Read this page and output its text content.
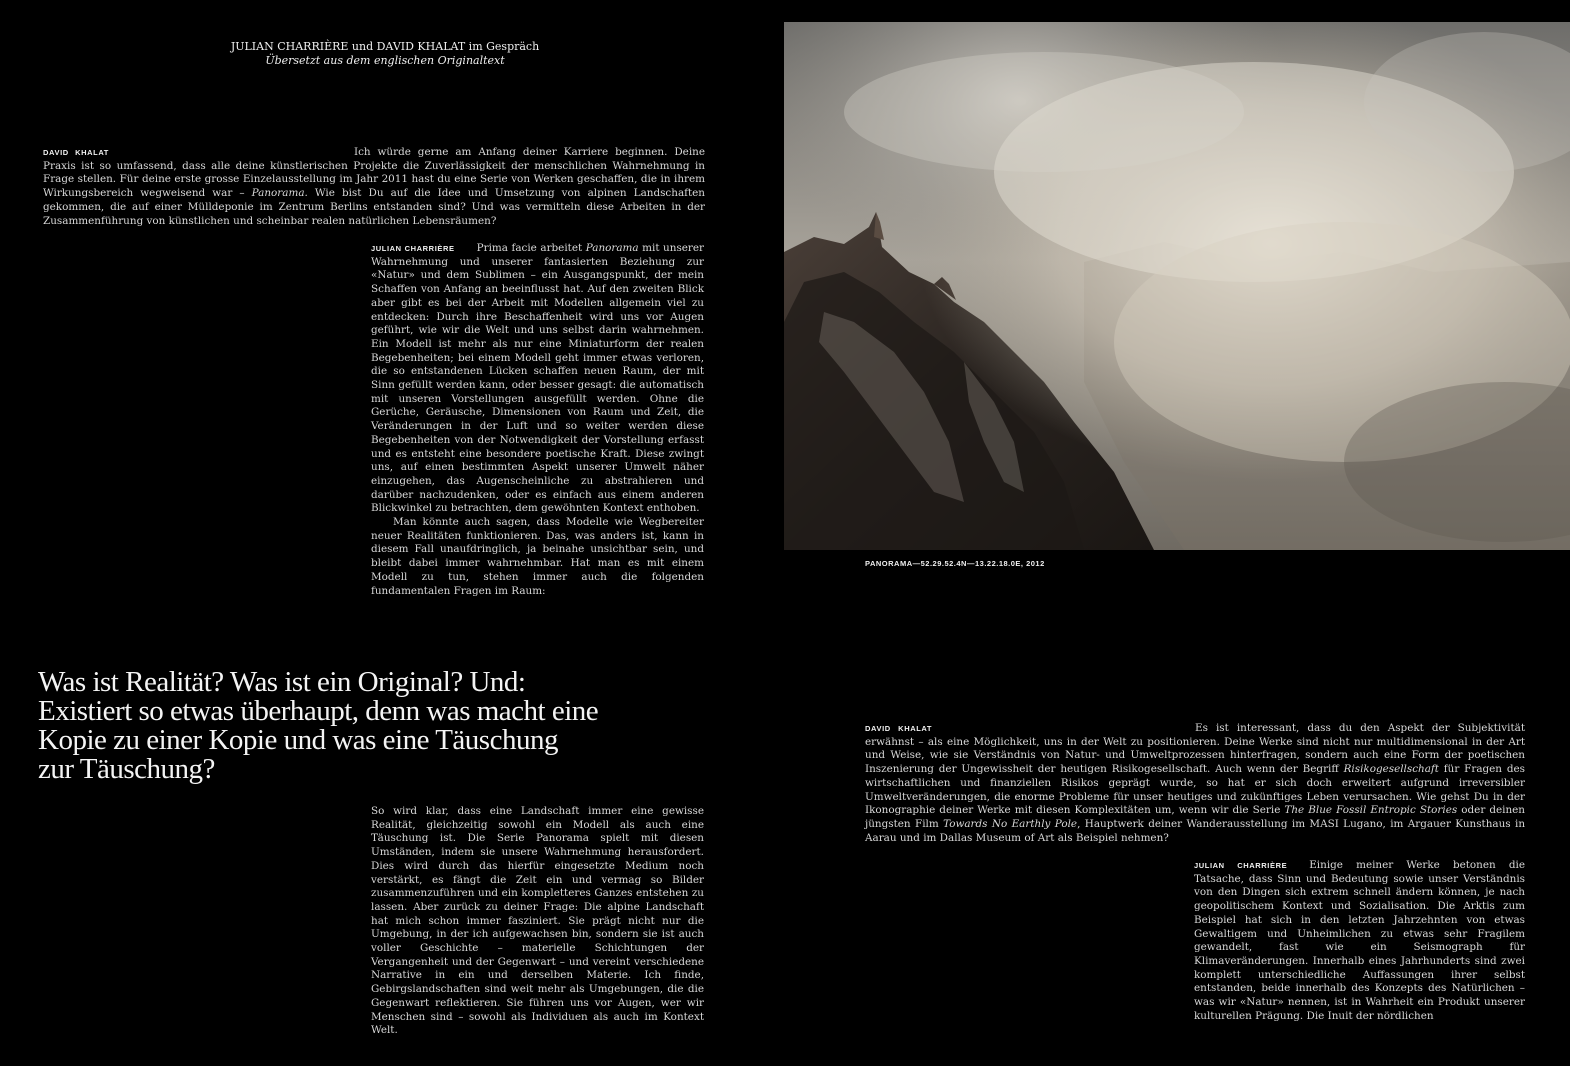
JULIAN CHARRIÈRE und DAVID KHALAT im Gespräch
Übersetzt aus dem englischen Originaltext

DAVID KHALAT	Ich würde gerne am Anfang deiner Karriere beginnen. Deine Praxis ist so umfassend, dass alle deine künstlerischen Projekte die Zuverlässigkeit der menschlichen Wahrnehmung in Frage stellen. Für deine erste grosse Einzelausstellung im Jahr 2011 hast du eine Serie von Werken geschaffen, die in ihrem Wirkungsbereich wegweisend war – Panorama. Wie bist Du auf die Idee und Umsetzung von alpinen Landschaften gekommen, die auf einer Mülldeponie im Zentrum Berlins entstanden sind? Und was vermitteln diese Arbeiten in der Zusammenführung von künstlichen und scheinbar realen natürlichen Lebensräumen?

JULIAN CHARRIÈRE Prima facie arbeitet Panorama mit unserer Wahrnehmung und unserer fantasierten Beziehung zur «Natur» und dem Sublimen – ein Ausgangspunkt, der mein Schaffen von Anfang an beeinflusst hat. Auf den zweiten Blick aber gibt es bei der Arbeit mit Modellen allgemein viel zu entdecken: Durch ihre Beschaffenheit wird uns vor Augen geführt, wie wir die Welt und uns selbst darin wahrnehmen. Ein Modell ist mehr als nur eine Miniaturform der realen Begebenheiten; bei einem Modell geht immer etwas verloren, die so entstandenen Lücken schaffen neuen Raum, der mit Sinn gefüllt werden kann, oder besser gesagt: die automatisch mit unseren Vorstellungen ausgefüllt werden. Ohne die Gerüche, Geräusche, Dimensionen von Raum und Zeit, die Veränderungen in der Luft und so weiter werden diese Begebenheiten von der Notwendigkeit der Vorstellung erfasst und es entsteht eine besondere poetische Kraft. Diese zwingt uns, auf einen bestimmten Aspekt unserer Umwelt näher einzugehen, das Augenscheinliche zu abstrahieren und darüber nachzudenken, oder es einfach aus einem anderen Blickwinkel zu betrachten, dem gewöhnten Kontext enthoben.

Man könnte auch sagen, dass Modelle wie Wegbereiter neuer Realitäten funktionieren. Das, was anders ist, kann in diesem Fall unaufdringlich, ja beinahe unsichtbar sein, und bleibt dabei immer wahrnehmbar. Hat man es mit einem Modell zu tun, stehen immer auch die folgenden fundamentalen Fragen im Raum:

Was ist Realität? Was ist ein Original? Und:
Existiert so etwas überhaupt, denn was macht eine
Kopie zu einer Kopie und was eine Täuschung
zur Täuschung?

So wird klar, dass eine Landschaft immer eine gewisse Realität, gleichzeitig sowohl ein Modell als auch eine Täuschung ist. Die Serie Panorama spielt mit diesen Umständen, indem sie unsere Wahrnehmung herausfordert. Dies wird durch das hierfür eingesetzte Medium noch verstärkt, es fängt die Zeit ein und vermag so Bilder zusammenzuführen und ein kompletteres Ganzes entstehen zu lassen. Aber zurück zu deiner Frage: Die alpine Landschaft hat mich schon immer fasziniert. Sie prägt nicht nur die Umgebung, in der ich aufgewachsen bin, sondern sie ist auch voller Geschichte – materielle Schichtungen der Vergangenheit und der Gegenwart – und vereint verschiedene Narrative in ein und derselben Materie. Ich finde, Gebirgslandschaften sind weit mehr als Umgebungen, die die Gegenwart reflektieren. Sie führen uns vor Augen, wer wir Menschen sind – sowohl als Individuen als auch im Kontext Welt.

PANORAMA—52.29.52.4N—13.22.18.0E, 2012

DAVID KHALAT	Es ist interessant, dass du den Aspekt der Subjektivität erwähnst – als eine Möglichkeit, uns in der Welt zu positionieren. Deine Werke sind nicht nur multidimensional in der Art und Weise, wie sie Verständnis von Natur- und Umweltprozessen hinterfragen, sondern auch eine Form der poetischen Inszenierung der Ungewissheit der heutigen Risikogesellschaft. Auch wenn der Begriff Risikogesellschaft für Fragen des wirtschaftlichen und finanziellen Risikos geprägt wurde, so hat er sich doch erweitert aufgrund irreversibler Umweltveränderungen, die enorme Probleme für unser heutiges und zukünftiges Leben verursachen. Wie gehst Du in der Ikonographie deiner Werke mit diesen Komplexitäten um, wenn wir die Serie The Blue Fossil Entropic Stories oder deinen jüngsten Film Towards No Earthly Pole, Hauptwerk deiner Wanderausstellung im MASI Lugano, im Argauer Kunsthaus in Aarau und im Dallas Museum of Art als Beispiel nehmen?

JULIAN CHARRIÈRE Einige meiner Werke betonen die Tatsache, dass Sinn und Bedeutung sowie unser Verständnis von den Dingen sich extrem schnell ändern können, je nach geopolitischem Kontext und Sozialisation. Die Arktis zum Beispiel hat sich in den letzten Jahrzehnten von etwas Gewaltigem und Unheimlichen zu etwas sehr Fragilem gewandelt, fast wie ein Seismograph für Klimaveränderungen. Innerhalb eines Jahrhunderts sind zwei komplett unterschiedliche Auffassungen ihrer selbst entstanden, beide innerhalb des Konzepts des Natürlichen – was wir «Natur» nennen, ist in Wahrheit ein Produkt unserer kulturellen Prägung. Die Inuit der nördlichen
